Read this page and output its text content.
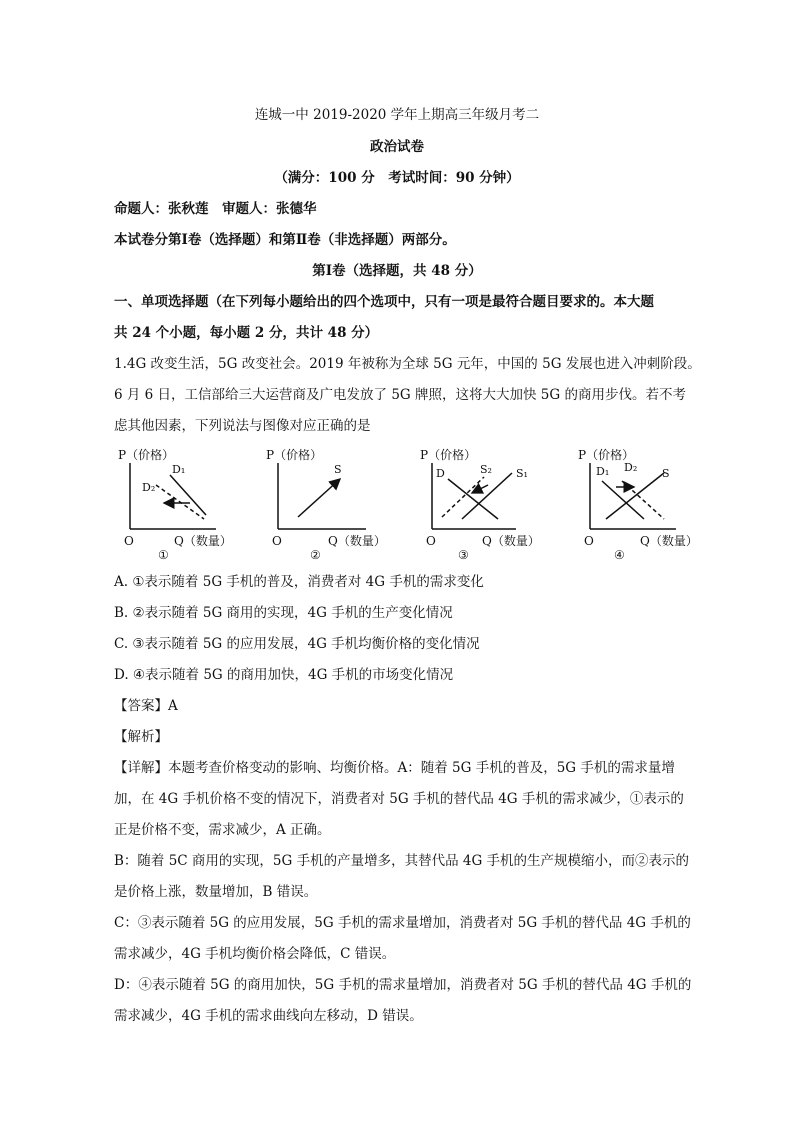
连城一中 2019-2020 学年上期高三年级月考二
政治试卷
（满分：100 分　考试时间：90 分钟）
命题人：张秋莲　审题人：张德华
本试卷分第Ⅰ卷（选择题）和第Ⅱ卷（非选择题）两部分。
第Ⅰ卷（选择题，共 48 分）
一、单项选择题（在下列每小题给出的四个选项中，只有一项是最符合题目要求的。本大题
共 24 个小题，每小题 2 分，共计 48 分）
1.4G 改变生活，5G 改变社会。2019 年被称为全球 5G 元年，中国的 5G 发展也进入冲刺阶段。
6 月 6 日，工信部给三大运营商及广电发放了 5G 牌照，这将大大加快 5G 的商用步伐。若不考
虑其他因素，下列说法与图像对应正确的是
P（价格）
D₂
D₁
O	Q（数量）
①
P（价格）
S
O	Q（数量）
②
P（价格）
D	S₂ S₁
O	Q（数量）
③
P（价格）
D₁ D₂ S
O	Q（数量）
④
A. ①表示随着 5G 手机的普及，消费者对 4G 手机的需求变化
B. ②表示随着 5G 商用的实现，4G 手机的生产变化情况
C. ③表示随着 5G 的应用发展，4G 手机均衡价格的变化情况
D. ④表示随着 5G 的商用加快，4G 手机的市场变化情况
【答案】A
【解析】
【详解】本题考查价格变动的影响、均衡价格。A：随着 5G 手机的普及，5G 手机的需求量增
加，在 4G 手机价格不变的情况下，消费者对 5G 手机的替代品 4G 手机的需求减少，①表示的
正是价格不变，需求减少，A 正确。
B：随着 5C 商用的实现，5G 手机的产量增多，其替代品 4G 手机的生产规模缩小，而②表示的
是价格上涨，数量增加，B 错误。
C：③表示随着 5G 的应用发展，5G 手机的需求量增加，消费者对 5G 手机的替代品 4G 手机的
需求减少，4G 手机均衡价格会降低，C 错误。
D：④表示随着 5G 的商用加快，5G 手机的需求量增加，消费者对 5G 手机的替代品 4G 手机的
需求减少，4G 手机的需求曲线向左移动，D 错误。
